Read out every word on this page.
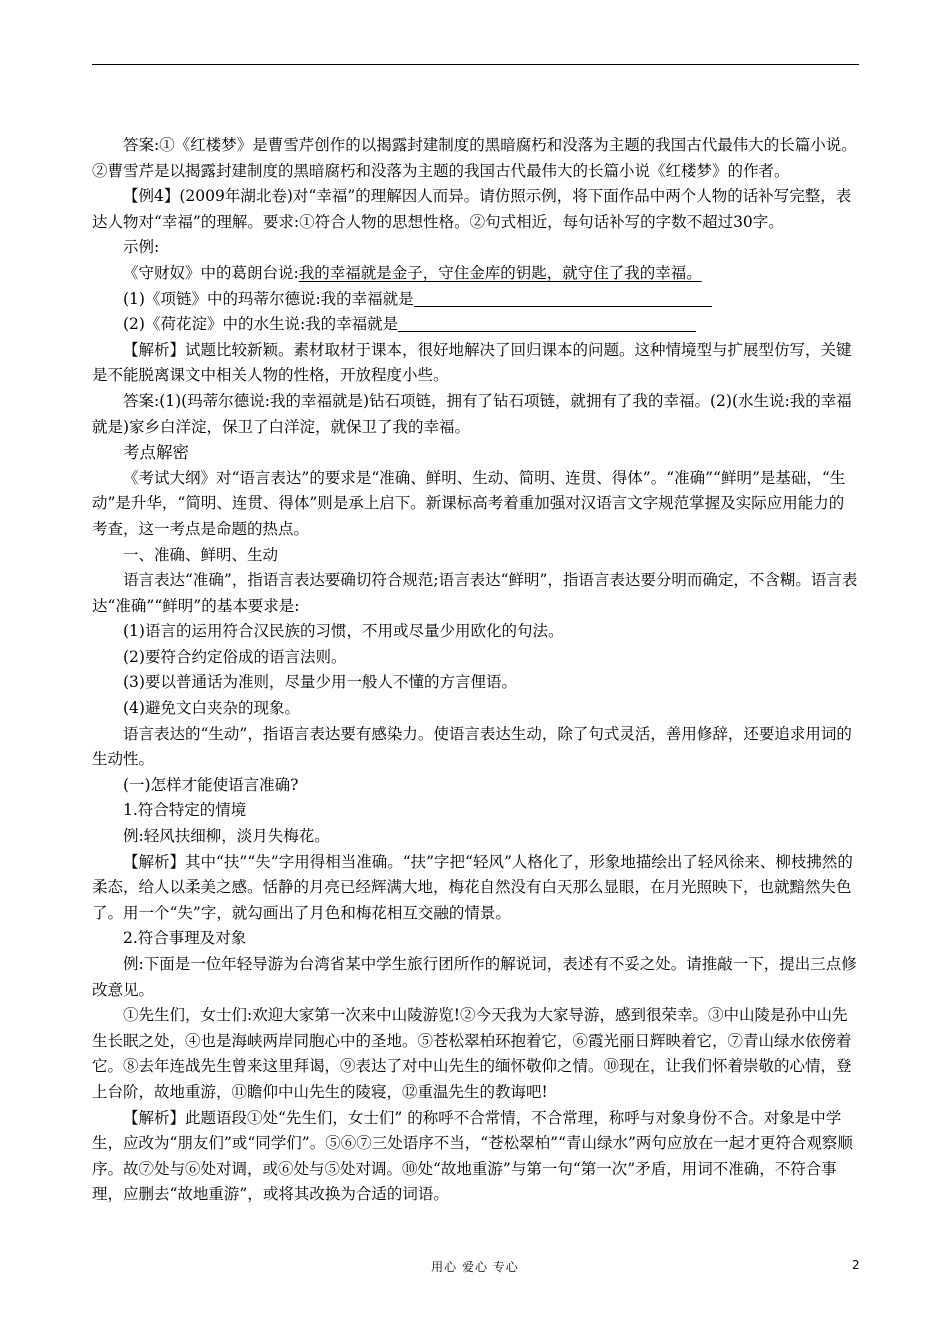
答案:①《红楼梦》是曹雪芹创作的以揭露封建制度的黑暗腐朽和没落为主题的我国古代最伟大的长篇小说。②曹雪芹是以揭露封建制度的黑暗腐朽和没落为主题的我国古代最伟大的长篇小说《红楼梦》的作者。

【例4】(2009年湖北卷)对“幸福”的理解因人而异。请仿照示例，将下面作品中两个人物的话补写完整，表达人物对“幸福”的理解。要求:①符合人物的思想性格。②句式相近，每句话补写的字数不超过30字。

示例:

《守财奴》中的葛朗台说:我的幸福就是金子，守住金库的钥匙，就守住了我的幸福。

(1)《项链》中的玛蒂尔德说:我的幸福就是

(2)《荷花淀》中的水生说:我的幸福就是

【解析】试题比较新颖。素材取材于课本，很好地解决了回归课本的问题。这种情境型与扩展型仿写，关键是不能脱离课文中相关人物的性格，开放程度小些。

答案:(1)(玛蒂尔德说:我的幸福就是)钻石项链，拥有了钻石项链，就拥有了我的幸福。(2)(水生说:我的幸福就是)家乡白洋淀，保卫了白洋淀，就保卫了我的幸福。

考点解密

《考试大纲》对“语言表达”的要求是“准确、鲜明、生动、简明、连贯、得体”。“准确”“鲜明”是基础，“生动”是升华，“简明、连贯、得体”则是承上启下。新课标高考着重加强对汉语言文字规范掌握及实际应用能力的考查，这一考点是命题的热点。

一、准确、鲜明、生动

语言表达“准确”，指语言表达要确切符合规范;语言表达“鲜明”，指语言表达要分明而确定，不含糊。语言表达“准确”“鲜明”的基本要求是:

(1)语言的运用符合汉民族的习惯，不用或尽量少用欧化的句法。

(2)要符合约定俗成的语言法则。

(3)要以普通话为准则，尽量少用一般人不懂的方言俚语。

(4)避免文白夹杂的现象。

语言表达的“生动”，指语言表达要有感染力。使语言表达生动，除了句式灵活，善用修辞，还要追求用词的生动性。

(一)怎样才能使语言准确?

1.符合特定的情境

例:轻风扶细柳，淡月失梅花。

【解析】其中“扶”“失”字用得相当准确。“扶”字把“轻风”人格化了，形象地描绘出了轻风徐来、柳枝拂然的柔态，给人以柔美之感。恬静的月亮已经辉满大地，梅花自然没有白天那么显眼，在月光照映下，也就黯然失色了。用一个“失”字，就勾画出了月色和梅花相互交融的情景。

2.符合事理及对象

例:下面是一位年轻导游为台湾省某中学生旅行团所作的解说词，表述有不妥之处。请推敲一下，提出三点修改意见。

①先生们，女士们:欢迎大家第一次来中山陵游览!②今天我为大家导游，感到很荣幸。③中山陵是孙中山先生长眠之处，④也是海峡两岸同胞心中的圣地。⑤苍松翠柏环抱着它，⑥霞光丽日辉映着它，⑦青山绿水依傍着它。⑧去年连战先生曾来这里拜谒，⑨表达了对中山先生的缅怀敬仰之情。⑩现在，让我们怀着崇敬的心情，登上台阶，故地重游，⑪瞻仰中山先生的陵寝，⑫重温先生的教诲吧!

【解析】此题语段①处“先生们，女士们” 的称呼不合常情，不合常理，称呼与对象身份不合。对象是中学生，应改为“朋友们”或“同学们”。⑤⑥⑦三处语序不当，“苍松翠柏”“青山绿水”两句应放在一起才更符合观察顺序。故⑦处与⑥处对调，或⑥处与⑤处对调。⑩处“故地重游”与第一句“第一次”矛盾，用词不准确，不符合事理，应删去“故地重游”，或将其改换为合适的词语。

用心 爱心 专心	2
